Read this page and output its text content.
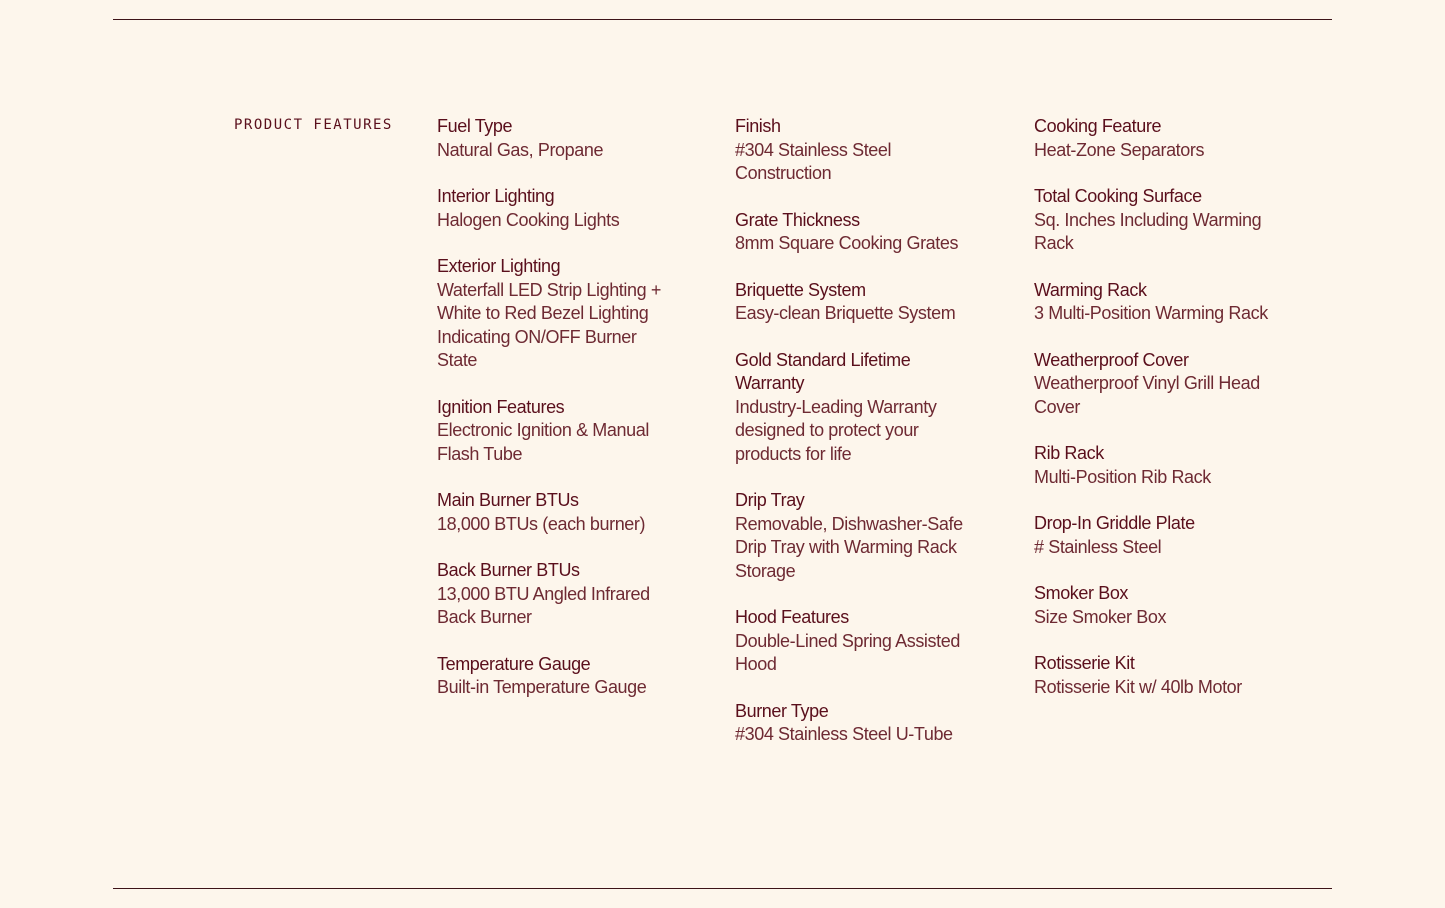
PRODUCT FEATURES Fuel Type
Natural Gas, Propane
Interior Lighting
Halogen Cooking Lights
Exterior Lighting
Waterfall LED Strip Lighting + White to Red Bezel Lighting Indicating ON/OFF Burner State
Ignition Features
Electronic Ignition & Manual Flash Tube
Main Burner BTUs
18,000 BTUs (each burner)
Back Burner BTUs
13,000 BTU Angled Infrared Back Burner
Temperature Gauge
Built-in Temperature Gauge
Finish
#304 Stainless Steel Construction
Grate Thickness
8mm Square Cooking Grates
Briquette System
Easy-clean Briquette System
Gold Standard Lifetime Warranty
Industry-Leading Warranty designed to protect your products for life
Drip Tray
Removable, Dishwasher-Safe Drip Tray with Warming Rack Storage
Hood Features
Double-Lined Spring Assisted Hood
Burner Type
#304 Stainless Steel U-Tube
Cooking Feature
Heat-Zone Separators
Total Cooking Surface
Sq. Inches Including Warming Rack
Warming Rack
3 Multi-Position Warming Rack
Weatherproof Cover
Weatherproof Vinyl Grill Head Cover
Rib Rack
Multi-Position Rib Rack
Drop-In Griddle Plate
# Stainless Steel
Smoker Box
Size Smoker Box
Rotisserie Kit
Rotisserie Kit w/ 40lb Motor
